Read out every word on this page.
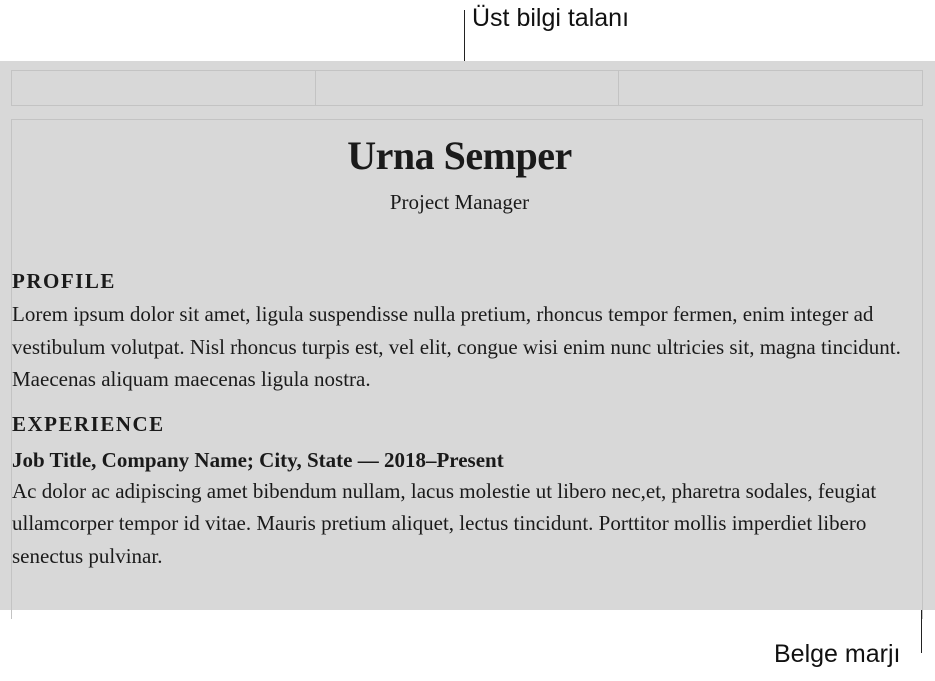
Üst bilgi talanı
Urna Semper
Project Manager
PROFILE
Lorem ipsum dolor sit amet, ligula suspendisse nulla pretium, rhoncus tempor fermen, enim integer ad vestibulum volutpat. Nisl rhoncus turpis est, vel elit, congue wisi enim nunc ultricies sit, magna tincidunt. Maecenas aliquam maecenas ligula nostra.
EXPERIENCE
Job Title, Company Name; City, State — 2018–Present
Ac dolor ac adipiscing amet bibendum nullam, lacus molestie ut libero nec,et, pharetra sodales, feugiat ullamcorper tempor id vitae. Mauris pretium aliquet, lectus tincidunt. Porttitor mollis imperdiet libero senectus pulvinar.
Belge marjı
